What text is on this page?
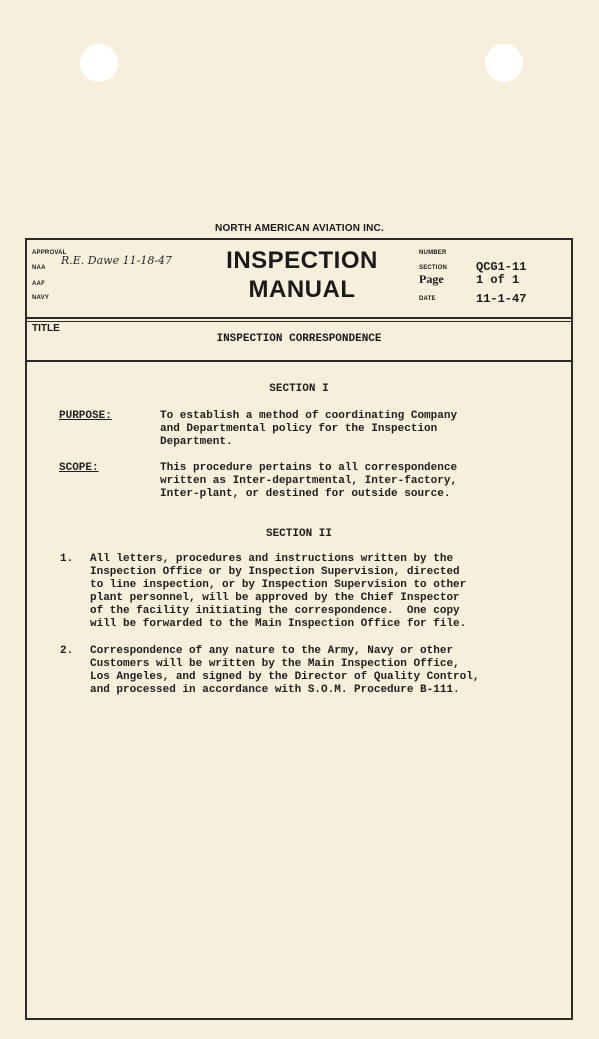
NORTH AMERICAN AVIATION INC.
APPROVAL
NAA
R.E. Dawe 11-18-47
AAF
NAVY
INSPECTION
MANUAL
NUMBER
SECTION QCG1-11
Page	1 of 1
DATE	11-1-47
TITLE
INSPECTION CORRESPONDENCE
SECTION I
PURPOSE:	To establish a method of coordinating Company
and Departmental policy for the Inspection
Department.
SCOPE:	This procedure pertains to all correspondence
written as Inter-departmental, Inter-factory,
Inter-plant, or destined for outside source.
SECTION II
1. All letters, procedures and instructions written by the
Inspection Office or by Inspection Supervision, directed
to line inspection, or by Inspection Supervision to other
plant personnel, will be approved by the Chief Inspector
of the facility initiating the correspondence.  One copy
will be forwarded to the Main Inspection Office for file.
2. Correspondence of any nature to the Army, Navy or other
Customers will be written by the Main Inspection Office,
Los Angeles, and signed by the Director of Quality Control,
and processed in accordance with S.O.M. Procedure B-111.
